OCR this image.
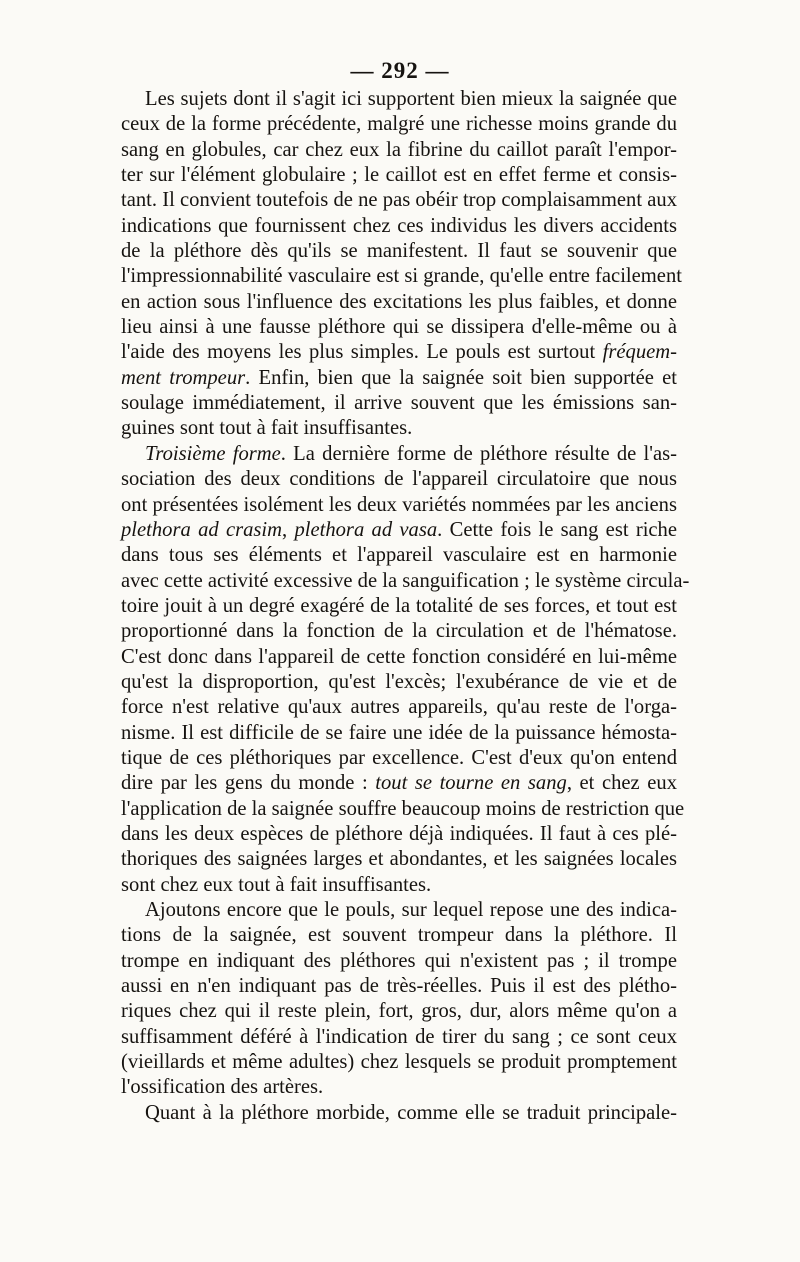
— 292 —
Les sujets dont il s'agit ici supportent bien mieux la saignée que
ceux de la forme précédente, malgré une richesse moins grande du
sang en globules, car chez eux la fibrine du caillot paraît l'empor-
ter sur l'élément globulaire ; le caillot est en effet ferme et consis-
tant. Il convient toutefois de ne pas obéir trop complaisamment aux
indications que fournissent chez ces individus les divers accidents
de la pléthore dès qu'ils se manifestent. Il faut se souvenir que
l'impressionnabilité vasculaire est si grande, qu'elle entre facilement
en action sous l'influence des excitations les plus faibles, et donne
lieu ainsi à une fausse pléthore qui se dissipera d'elle-même ou à
l'aide des moyens les plus simples. Le pouls est surtout fréquem-
ment trompeur. Enfin, bien que la saignée soit bien supportée et
soulage immédiatement, il arrive souvent que les émissions san-
guines sont tout à fait insuffisantes.
Troisième forme. La dernière forme de pléthore résulte de l'as-
sociation des deux conditions de l'appareil circulatoire que nous
ont présentées isolément les deux variétés nommées par les anciens
plethora ad crasim, plethora ad vasa. Cette fois le sang est riche
dans tous ses éléments et l'appareil vasculaire est en harmonie
avec cette activité excessive de la sanguification ; le système circula-
toire jouit à un degré exagéré de la totalité de ses forces, et tout est
proportionné dans la fonction de la circulation et de l'hématose.
C'est donc dans l'appareil de cette fonction considéré en lui-même
qu'est la disproportion, qu'est l'excès; l'exubérance de vie et de
force n'est relative qu'aux autres appareils, qu'au reste de l'orga-
nisme. Il est difficile de se faire une idée de la puissance hémosta-
tique de ces pléthoriques par excellence. C'est d'eux qu'on entend
dire par les gens du monde : tout se tourne en sang, et chez eux
l'application de la saignée souffre beaucoup moins de restriction que
dans les deux espèces de pléthore déjà indiquées. Il faut à ces plé-
thoriques des saignées larges et abondantes, et les saignées locales
sont chez eux tout à fait insuffisantes.
Ajoutons encore que le pouls, sur lequel repose une des indica-
tions de la saignée, est souvent trompeur dans la pléthore. Il
trompe en indiquant des pléthores qui n'existent pas ; il trompe
aussi en n'en indiquant pas de très-réelles. Puis il est des plétho-
riques chez qui il reste plein, fort, gros, dur, alors même qu'on a
suffisamment déféré à l'indication de tirer du sang ; ce sont ceux
(vieillards et même adultes) chez lesquels se produit promptement
l'ossification des artères.
Quant à la pléthore morbide, comme elle se traduit principale-
